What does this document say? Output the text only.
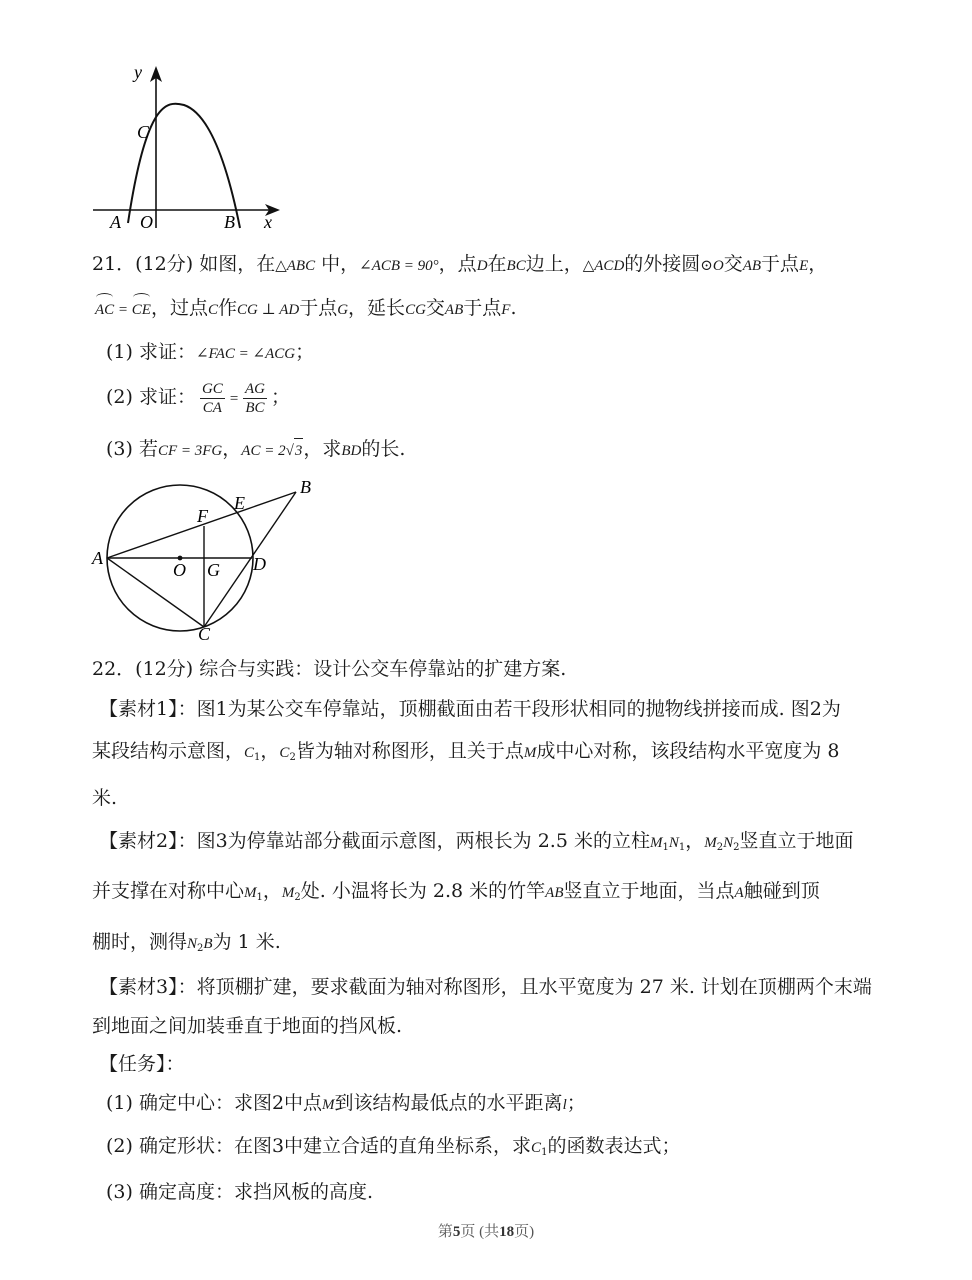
y
x
C
A O	B
21．(12分) 如图，在△ABC 中，∠ACB = 90°，点D在BC边上，△ACD的外接圆⊙O交AB于点E，
AC = CE，过点C作CG ⊥ AD于点G，延长CG交AB于点F.
(1) 求证：∠FAC = ∠ACG；
(2) 求证： $\frac{GC}{CA} = \frac{AG}{BC}$ ；
(3) 若CF = 3FG，AC = 2√3，求BD的长.
A
B
C
D
E
F
O G
22．(12分) 综合与实践：设计公交车停靠站的扩建方案.
【素材1】：图1为某公交车停靠站，顶棚截面由若干段形状相同的抛物线拼接而成. 图2为
某段结构示意图，$C_1$，$C_2$皆为轴对称图形，且关于点M成中心对称，该段结构水平宽度为 8
米.
【素材2】：图3为停靠站部分截面示意图，两根长为 2.5 米的立柱$M_1N_1$，$M_2N_2$竖直立于地面
并支撑在对称中心$M_1$，$M_2$处. 小温将长为 2.8 米的竹竿AB竖直立于地面，当点A触碰到顶
棚时，测得$N_2B$为 1 米.
【素材3】：将顶棚扩建，要求截面为轴对称图形，且水平宽度为 27 米. 计划在顶棚两个末端
到地面之间加装垂直于地面的挡风板.
【任务】：
(1) 确定中心：求图2中点M到该结构最低点的水平距离l；
(2) 确定形状：在图3中建立合适的直角坐标系，求$C_1$的函数表达式；
(3) 确定高度：求挡风板的高度.
第5页 (共18页)
